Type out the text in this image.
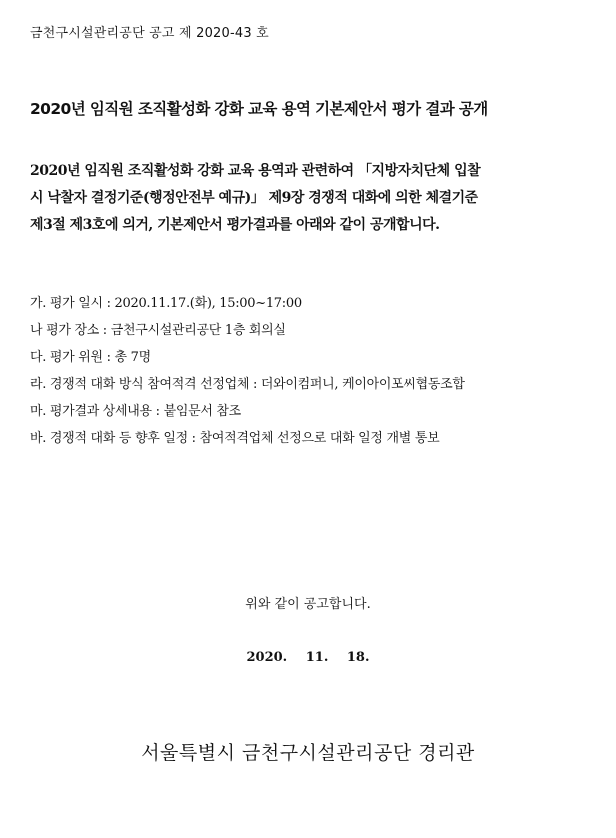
금천구시설관리공단 공고 제 2020-43 호
2020년 임직원 조직활성화 강화 교육 용역 기본제안서 평가 결과 공개
2020년 임직원 조직활성화 강화 교육 용역과 관련하여 「지방자치단체 입찰
시 낙찰자 결정기준(행정안전부 예규)」 제9장 경쟁적 대화에 의한 체결기준
제3절 제3호에 의거, 기본제안서 평가결과를 아래와 같이 공개합니다.
가. 평가 일시 : 2020.11.17.(화), 15:00~17:00
나 평가 장소 : 금천구시설관리공단 1층 회의실
다. 평가 위원 : 총 7명
라. 경쟁적 대화 방식 참여적격 선정업체 : 더와이컴퍼니, 케이아이포씨협동조합
마. 평가결과 상세내용 : 붙임문서 참조
바. 경쟁적 대화 등 향후 일정 : 참여적격업체 선정으로 대화 일정 개별 통보
위와 같이 공고합니다.
2020. 11. 18.
서울특별시 금천구시설관리공단 경리관
